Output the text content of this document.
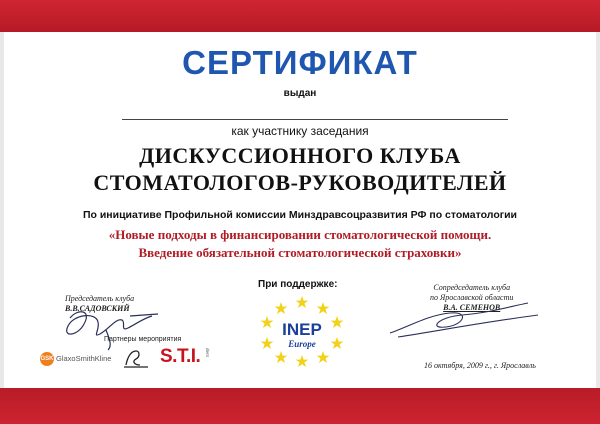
СЕРТИФИКАТ
выдан
как участнику заседания
ДИСКУССИОННОГО КЛУБА
СТОМАТОЛОГОВ-РУКОВОДИТЕЛЕЙ
По инициативе Профильной комиссии Минздравсоцразвития РФ по стоматологии
«Новые подходы в финансировании стоматологической помощи.
Введение обязательной стоматологической страховки»
При поддержке:
INEP
Europe
Председатель клуба
В.В.САДОВСКИЙ
Сопредседатель клуба
по Ярославской области
В.А. СЕМЕНОВ
Партнеры мероприятия
GSK GlaxoSmithKline	S.T.I. dent
16 октября, 2009 г., г. Ярославль
